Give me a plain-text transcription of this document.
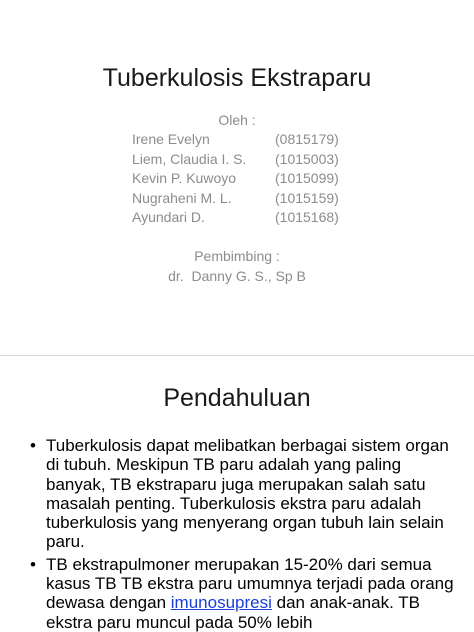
Tuberkulosis Ekstraparu
Oleh :
Irene Evelyn	(0815179)
Liem, Claudia I. S. (1015003)
Kevin P. Kuwoyo	(1015099)
Nugraheni M. L.	(1015159)
Ayundari D.	(1015168)
Pembimbing :
dr.  Danny G. S., Sp B
Pendahuluan
• Tuberkulosis dapat melibatkan berbagai sistem organ di tubuh. Meskipun TB paru adalah yang paling banyak, TB ekstraparu juga merupakan salah satu masalah penting. Tuberkulosis ekstra paru adalah tuberkulosis yang menyerang organ tubuh lain selain paru.
• TB ekstrapulmoner merupakan 15-20% dari semua kasus TB TB ekstra paru umumnya terjadi pada orang dewasa dengan imunosupresi dan anak-anak. TB ekstra paru muncul pada 50% lebih
